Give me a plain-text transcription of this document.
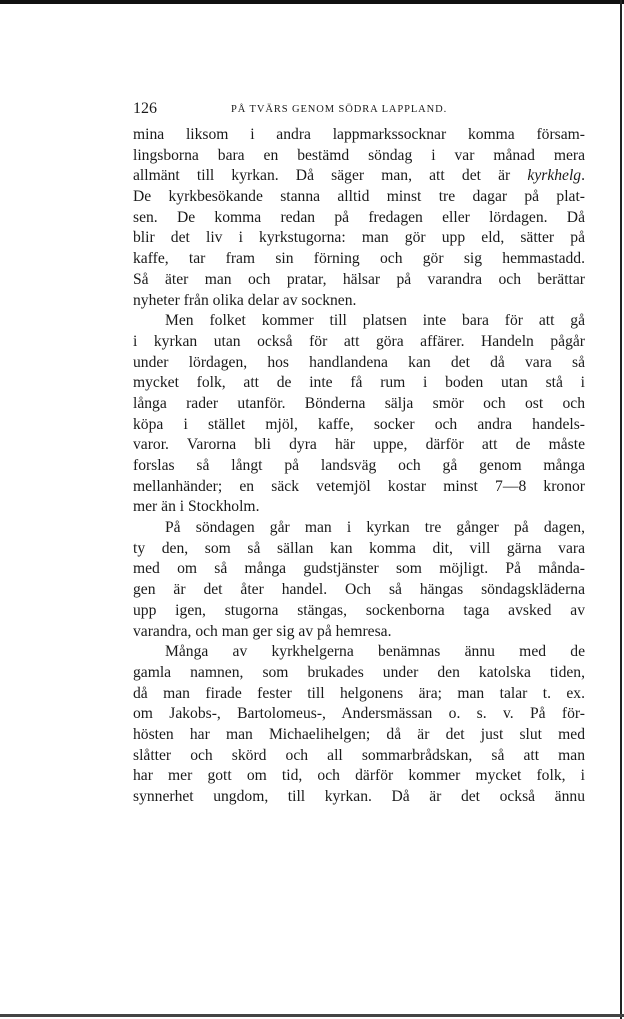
126	PÅ TVÄRS GENOM SÖDRA LAPPLAND.
mina liksom i andra lappmarkssocknar komma försam-
lingsborna bara en bestämd söndag i var månad mera
allmänt till kyrkan. Då säger man, att det är kyrkhelg.
De kyrkbesökande stanna alltid minst tre dagar på plat-
sen. De komma redan på fredagen eller lördagen. Då
blir det liv i kyrkstugorna: man gör upp eld, sätter på
kaffe, tar fram sin förning och gör sig hemmastadd.
Så äter man och pratar, hälsar på varandra och berättar
nyheter från olika delar av socknen.
Men folket kommer till platsen inte bara för att gå
i kyrkan utan också för att göra affärer. Handeln pågår
under lördagen, hos handlandena kan det då vara så
mycket folk, att de inte få rum i boden utan stå i
långa rader utanför. Bönderna sälja smör och ost och
köpa i stället mjöl, kaffe, socker och andra handels-
varor. Varorna bli dyra här uppe, därför att de måste
forslas så långt på landsväg och gå genom många
mellanhänder; en säck vetemjöl kostar minst 7—8 kronor
mer än i Stockholm.
På söndagen går man i kyrkan tre gånger på dagen,
ty den, som så sällan kan komma dit, vill gärna vara
med om så många gudstjänster som möjligt. På månda-
gen är det åter handel. Och så hängas söndagskläderna
upp igen, stugorna stängas, sockenborna taga avsked av
varandra, och man ger sig av på hemresa.
Många av kyrkhelgerna benämnas ännu med de
gamla namnen, som brukades under den katolska tiden,
då man firade fester till helgonens ära; man talar t. ex.
om Jakobs-, Bartolomeus-, Andersmässan o. s. v. På för-
hösten har man Michaelihelgen; då är det just slut med
slåtter och skörd och all sommarbrådskan, så att man
har mer gott om tid, och därför kommer mycket folk, i
synnerhet ungdom, till kyrkan. Då är det också ännu
